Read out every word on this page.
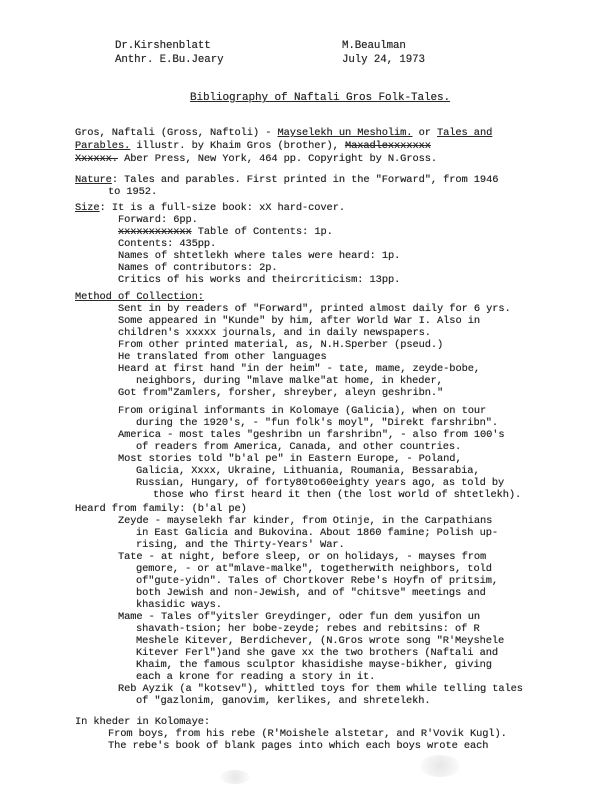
Dr.Kirshenblatt
Anthr. E.Bu.Jeary
M.Beaulman
July 24, 1973
Bibliography of Naftali Gros Folk-Tales.
Gros, Naftali (Gross, Naftoli) - Mayselekh un Mesholim. or Tales and
Parables. illustr. by Khaim Gros (brother), Maxadlexxxxxxx
Xxxxxx. Aber Press, New York, 464 pp. Copyright by N.Gross.
Nature: Tales and parables. First printed in the "Forward", from 1946
to 1952.
Size: It is a full-size book: xX hard-cover.
Forward: 6pp.
xxxxxxxxxxxx Table of Contents: 1p.
Contents: 435pp.
Names of shtetlekh where tales were heard: 1p.
Names of contributors: 2p.
Critics of his works and theircriticism: 13pp.
Method of Collection:
Sent in by readers of "Forward", printed almost daily for 6 yrs.
Some appeared in "Kunde" by him, after World War I. Also in
children's xxxxx journals, and in daily newspapers.
From other printed material, as, N.H.Sperber (pseud.)
He translated from other languages
Heard at first hand "in der heim" - tate, mame, zeyde-bobe,
neighbors, during "mlave malke"at home, in kheder,
Got from"Zamlers, forsher, shreyber, aleyn geshribn."
From original informants in Kolomaye (Galicia), when on tour
during the 1920's, - "fun folk's moyl", "Direkt farshribn".
America - most tales "geshribn un farshribn", - also from 100's
of readers from America, Canada, and other countries.
Most stories told "b'al pe" in Eastern Europe, - Poland,
Galicia, Xxxx, Ukraine, Lithuania, Roumania, Bessarabia,
Russian, Hungary, of forty80to60eighty years ago, as told by
those who first heard it then (the lost world of shtetlekh).
Heard from family: (b'al pe)
Zeyde - mayselekh far kinder, from Otinje, in the Carpathians
in East Galicia and Bukovina. About 1860 famine; Polish up-
rising, and the Thirty-Years' War.
Tate - at night, before sleep, or on holidays, - mayses from
gemore, - or at"mlave-malke", togetherwith neighbors, told
of"gute-yidn". Tales of Chortkover Rebe's Hoyfn of pritsim,
both Jewish and non-Jewish, and of "chitsve" meetings and
khasidic ways.
Mame - Tales of"yitsler Greydinger, oder fun dem yusifon un
shavath-tsion; her bobe-zeyde; rebes and rebitsins: of R
Meshele Kitever, Berdichever, (N.Gros wrote song "R'Meyshele
Kitever Ferl")and she gave xx the two brothers (Naftali and
Khaim, the famous sculptor khasidishe mayse-bikher, giving
each a krone for reading a story in it.
Reb Ayzik (a "kotsev"), whittled toys for them while telling tales
of "gazlonim, ganovim, kerlikes, and shretelekh.
In kheder in Kolomaye:
From boys, from his rebe (R'Moishele alstetar, and R'Vovik Kugl).
The rebe's book of blank pages into which each boys wrote each
